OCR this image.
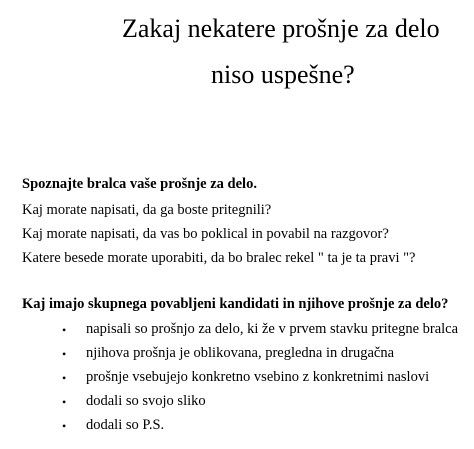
Zakaj nekatere prošnje za delo
niso uspešne?
Spoznajte bralca vaše prošnje za delo.
Kaj morate napisati, da ga boste pritegnili?
Kaj morate napisati, da vas bo poklical in povabil na razgovor?
Katere besede morate uporabiti, da bo bralec rekel " ta je ta pravi "?
Kaj imajo skupnega povabljeni kandidati in njihove prošnje za delo?
• napisali so prošnjo za delo, ki že v prvem stavku pritegne bralca
• njihova prošnja je oblikovana, pregledna in drugačna
• prošnje vsebujejo konkretno vsebino z konkretnimi naslovi
• dodali so svojo sliko
• dodali so P.S.
